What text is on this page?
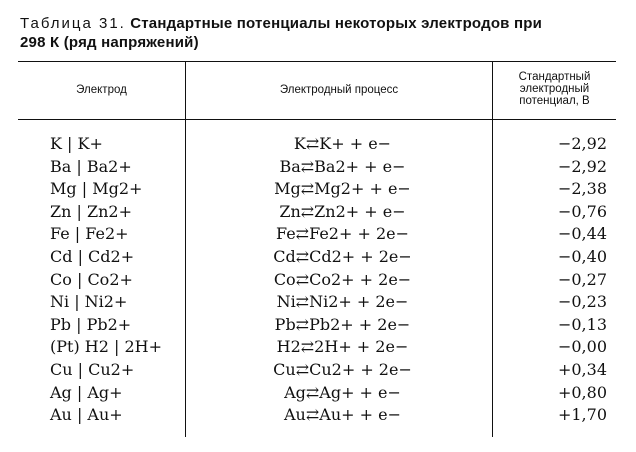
Таблица 31. Стандартные потенциалы некоторых электродов при
298 К (ряд напряжений)
Электрод	Электродный процесс
Стандартный
электродный
потенциал, В
K | K+	K⇄K+ + e−	−2,92
Ba | Ba2+	Ba⇄Ba2+ + e−	−2,92
Mg | Mg2+	Mg⇄Mg2+ + e−	−2,38
Zn | Zn2+	Zn⇄Zn2+ + e−	−0,76
Fe | Fe2+	Fe⇄Fe2+ + 2e−	−0,44
Cd | Cd2+	Cd⇄Cd2+ + 2e−	−0,40
Co | Co2+	Co⇄Co2+ + 2e−	−0,27
Ni | Ni2+	Ni⇄Ni2+ + 2e−	−0,23
Pb | Pb2+	Pb⇄Pb2+ + 2e−	−0,13
(Pt) H2 | 2H+	H2⇄2H+ + 2e−	−0,00
Cu | Cu2+	Cu⇄Cu2+ + 2e−	+0,34
Ag | Ag+	Ag⇄Ag+ + e−	+0,80
Au | Au+	Au⇄Au+ + e−	+1,70
